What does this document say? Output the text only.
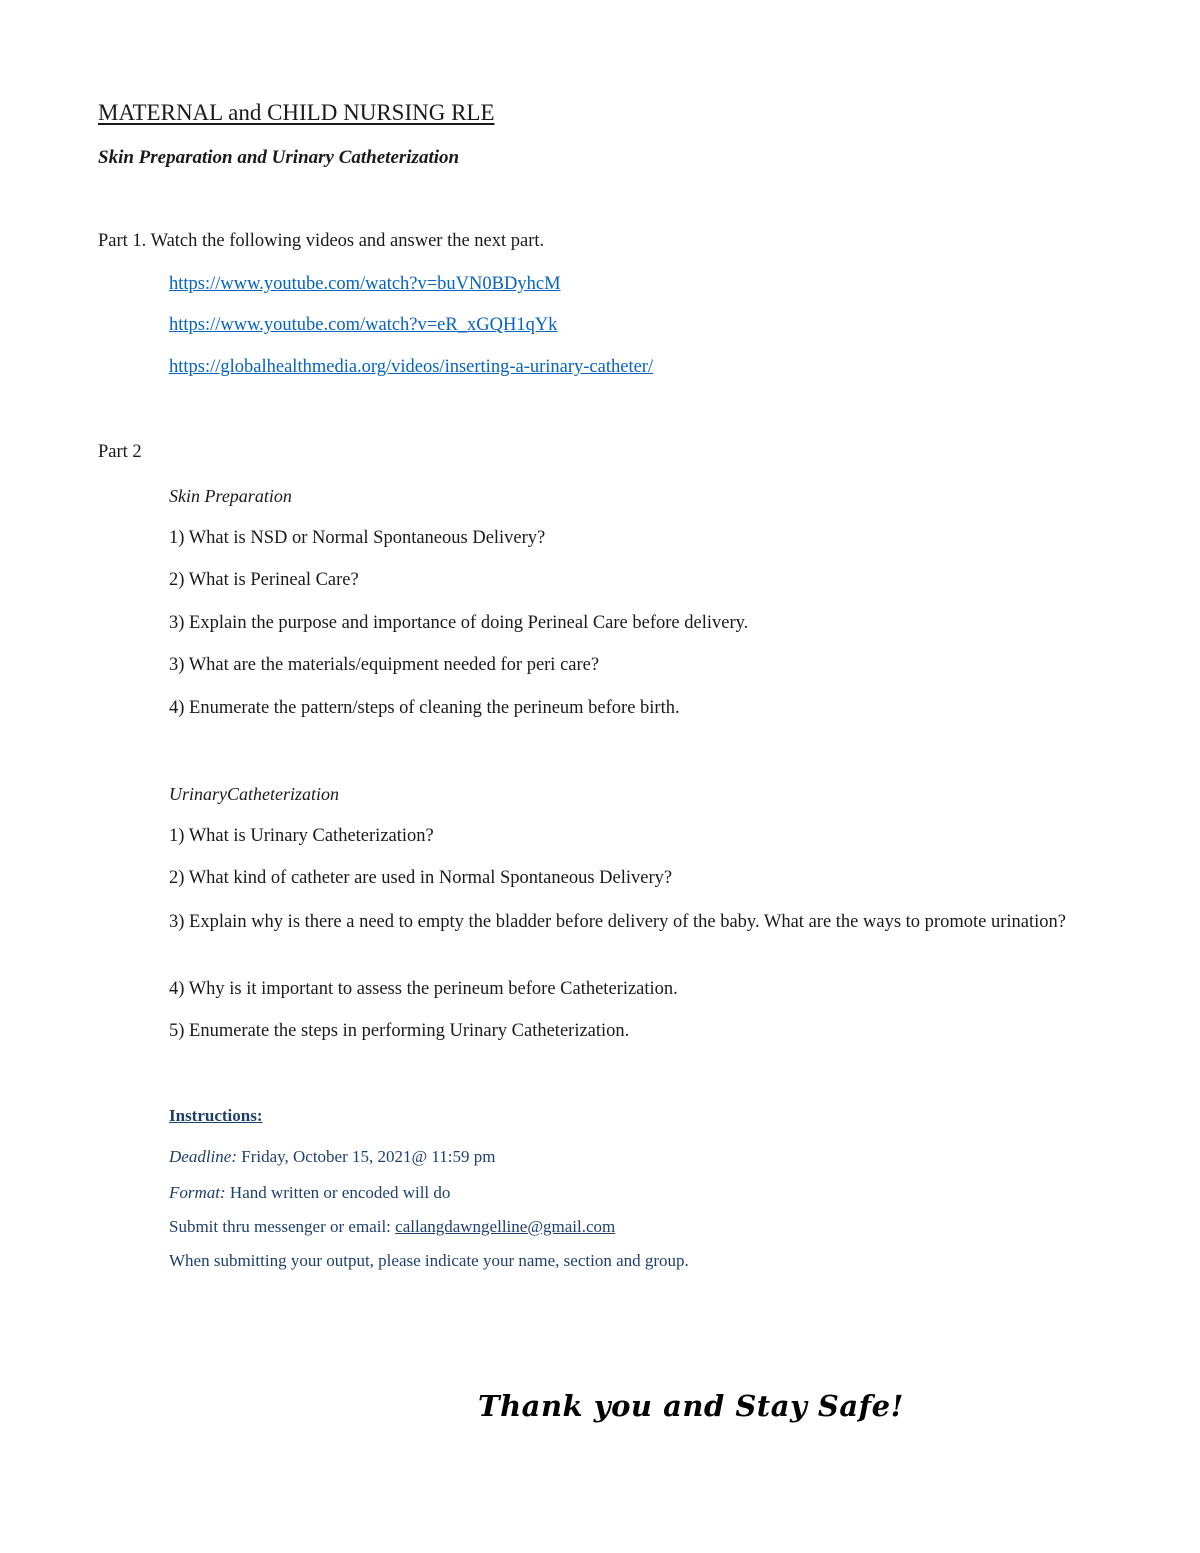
MATERNAL and CHILD NURSING RLE
Skin Preparation and Urinary Catheterization
Part 1. Watch the following videos and answer the next part.
https://www.youtube.com/watch?v=buVN0BDyhcM
https://www.youtube.com/watch?v=eR_xGQH1qYk
https://globalhealthmedia.org/videos/inserting-a-urinary-catheter/
Part 2
Skin Preparation
1) What is NSD or Normal Spontaneous Delivery?
2) What is Perineal Care?
3) Explain the purpose and importance of doing Perineal Care before delivery.
3) What are the materials/equipment needed for peri care?
4) Enumerate the pattern/steps of cleaning the perineum before birth.
UrinaryCatheterization
1) What is Urinary Catheterization?
2) What kind of catheter are used in Normal Spontaneous Delivery?
3) Explain why is there a need to empty the bladder before delivery of the baby. What are the ways to promote urination?
4) Why is it important to assess the perineum before Catheterization.
5) Enumerate the steps in performing Urinary Catheterization.
Instructions:
Deadline: Friday, October 15, 2021@ 11:59 pm
Format: Hand written or encoded will do
Submit thru messenger or email: callangdawngelline@gmail.com
When submitting your output, please indicate your name, section and group.
Thank you and Stay Safe!
